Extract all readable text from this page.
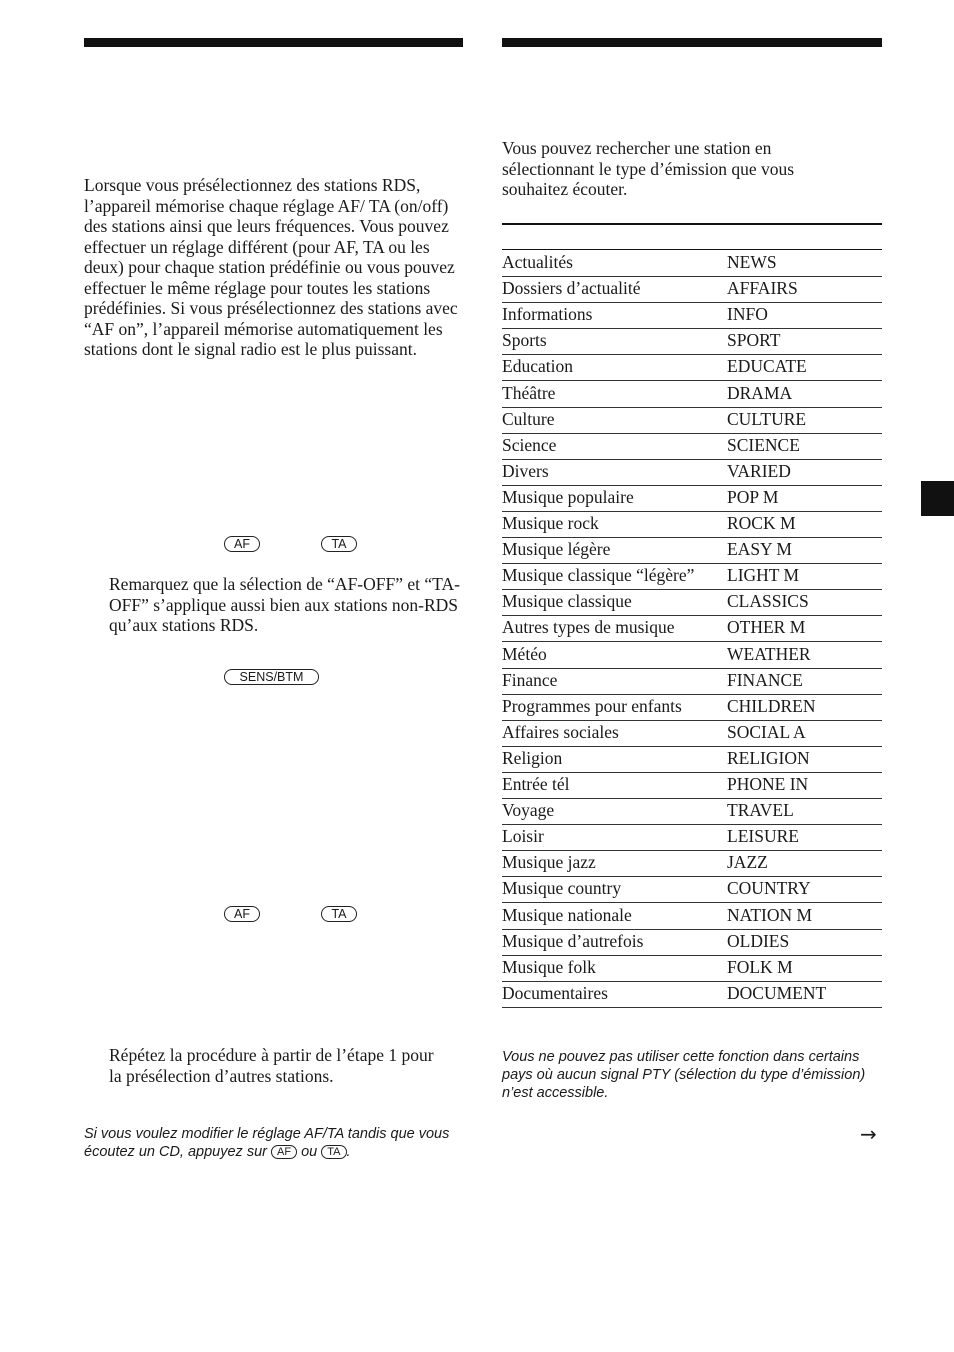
Lorsque vous présélectionnez des stations RDS, l’appareil mémorise chaque réglage AF/ TA (on/off) des stations ainsi que leurs fréquences. Vous pouvez effectuer un réglage différent (pour AF, TA ou les deux) pour chaque station prédéfinie ou vous pouvez effectuer le même réglage pour toutes les stations prédéfinies. Si vous présélectionnez des stations avec “AF on”, l’appareil mémorise automatiquement les stations dont le signal radio est le plus puissant.

AF	TA

Remarquez que la sélection de “AF-OFF” et “TA-OFF” s’applique aussi bien aux stations non-RDS qu’aux stations RDS.

SENS/BTM
AF	TA

Répétez la procédure à partir de l’étape 1 pour la présélection d’autres stations.

Si vous voulez modifier le réglage AF/TA tandis que vous écoutez un CD, appuyez sur AF ou TA .

Vous pouvez rechercher une station en sélectionnant le type d’émission que vous souhaitez écouter.

Actualités	NEWS
Dossiers d’actualité	AFFAIRS
Informations	INFO
Sports	SPORT
Education	EDUCATE
Théâtre	DRAMA
Culture	CULTURE
Science	SCIENCE
Divers	VARIED
Musique populaire	POP M
Musique rock	ROCK M
Musique légère	EASY M
Musique classique “légère” LIGHT M
Musique classique	CLASSICS
Autres types de musique	OTHER M
Météo	WEATHER
Finance	FINANCE
Programmes pour enfants	CHILDREN
Affaires sociales	SOCIAL A
Religion	RELIGION
Entrée tél	PHONE IN
Voyage	TRAVEL
Loisir	LEISURE
Musique jazz	JAZZ
Musique country	COUNTRY
Musique nationale	NATION M
Musique d’autrefois	OLDIES
Musique folk	FOLK M
Documentaires	DOCUMENT

Vous ne pouvez pas utiliser cette fonction dans certains pays où aucun signal PTY (sélection du type d’émission) n’est accessible.

→
